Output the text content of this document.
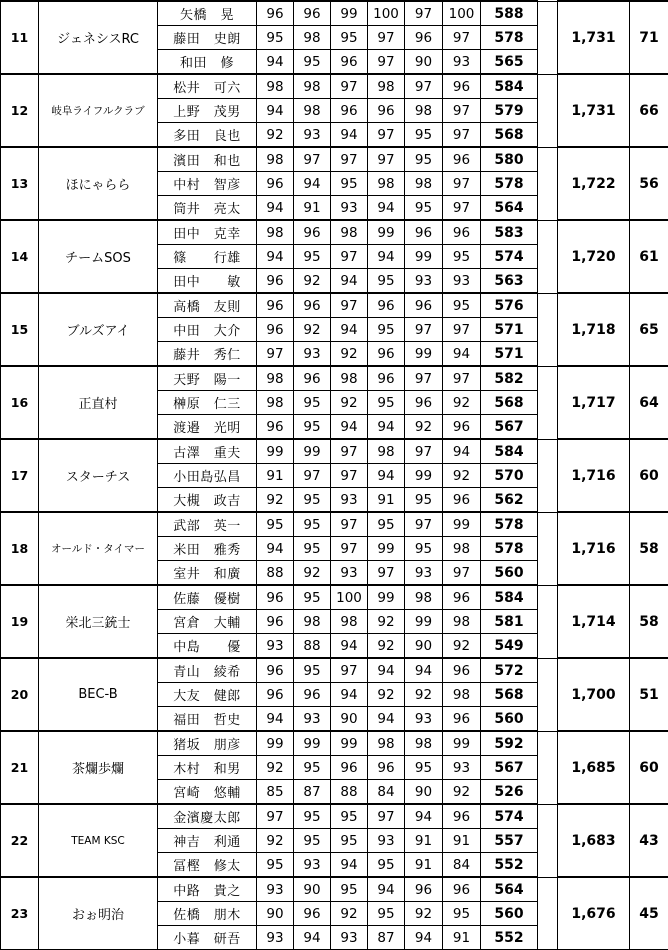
11	ジェネシスRC	矢橋　晃	96	96	99	100	97	100	588		1,731	71
		藤田　史朗	95	98	95	97	96	97	578			
		和田　修	94	95	96	97	90	93	565			
12	岐阜ライフルクラブ	松井　可六	98	98	97	98	97	96	584		1,731	66
		上野　茂男	94	98	96	96	98	97	579			
		多田　良也	92	93	94	97	95	97	568			
13	ほにゃらら	濱田　和也	98	97	97	97	95	96	580		1,722	56
		中村　智彦	96	94	95	98	98	97	578			
		筒井　亮太	94	91	93	94	95	97	564			
14	チームSOS	田中　克幸	98	96	98	99	96	96	583		1,720	61
		篠　　行雄	94	95	97	94	99	95	574			
		田中　　敏	96	92	94	95	93	93	563			
15	ブルズアイ	高橋　友則	96	96	97	96	96	95	576		1,718	65
		中田　大介	96	92	94	95	97	97	571			
		藤井　秀仁	97	93	92	96	99	94	571			
16	正直村	天野　陽一	98	96	98	96	97	97	582		1,717	64
		榊原　仁三	98	95	92	95	96	92	568			
		渡邉　光明	96	95	94	94	92	96	567			
17	スターチス	古澤　重夫	99	99	97	98	97	94	584		1,716	60
		小田島弘昌	91	97	97	94	99	92	570			
		大槻　政吉	92	95	93	91	95	96	562			
18	オールド・タイマー	武部　英一	95	95	97	95	97	99	578		1,716	58
		米田　雅秀	94	95	97	99	95	98	578			
		室井　和廣	88	92	93	97	93	97	560			
19	栄北三銃士	佐藤　優樹	96	95	100	99	98	96	584		1,714	58
		宮倉　大輔	96	98	98	92	99	98	581			
		中島　　優	93	88	94	92	90	92	549			
20	BEC-B	青山　綾希	96	95	97	94	94	96	572		1,700	51
		大友　健郎	96	96	94	92	92	98	568			
		福田　哲史	94	93	90	94	93	96	560			
21	茶爛歩爛	猪坂　朋彦	99	99	99	98	98	99	592		1,685	60
		木村　和男	92	95	96	96	95	93	567			
		宮崎　悠輔	85	87	88	84	90	92	526			
22	TEAM KSC	金濱慶太郎	97	95	95	97	94	96	574		1,683	43
		神吉　利通	92	95	95	93	91	91	557			
		冨樫　修太	95	93	94	95	91	84	552			
23	おぉ明治	中路　貴之	93	90	95	94	96	96	564		1,676	45
		佐橋　朋木	90	96	92	95	92	95	560			
		小暮　研吾	93	94	93	87	94	91	552			
